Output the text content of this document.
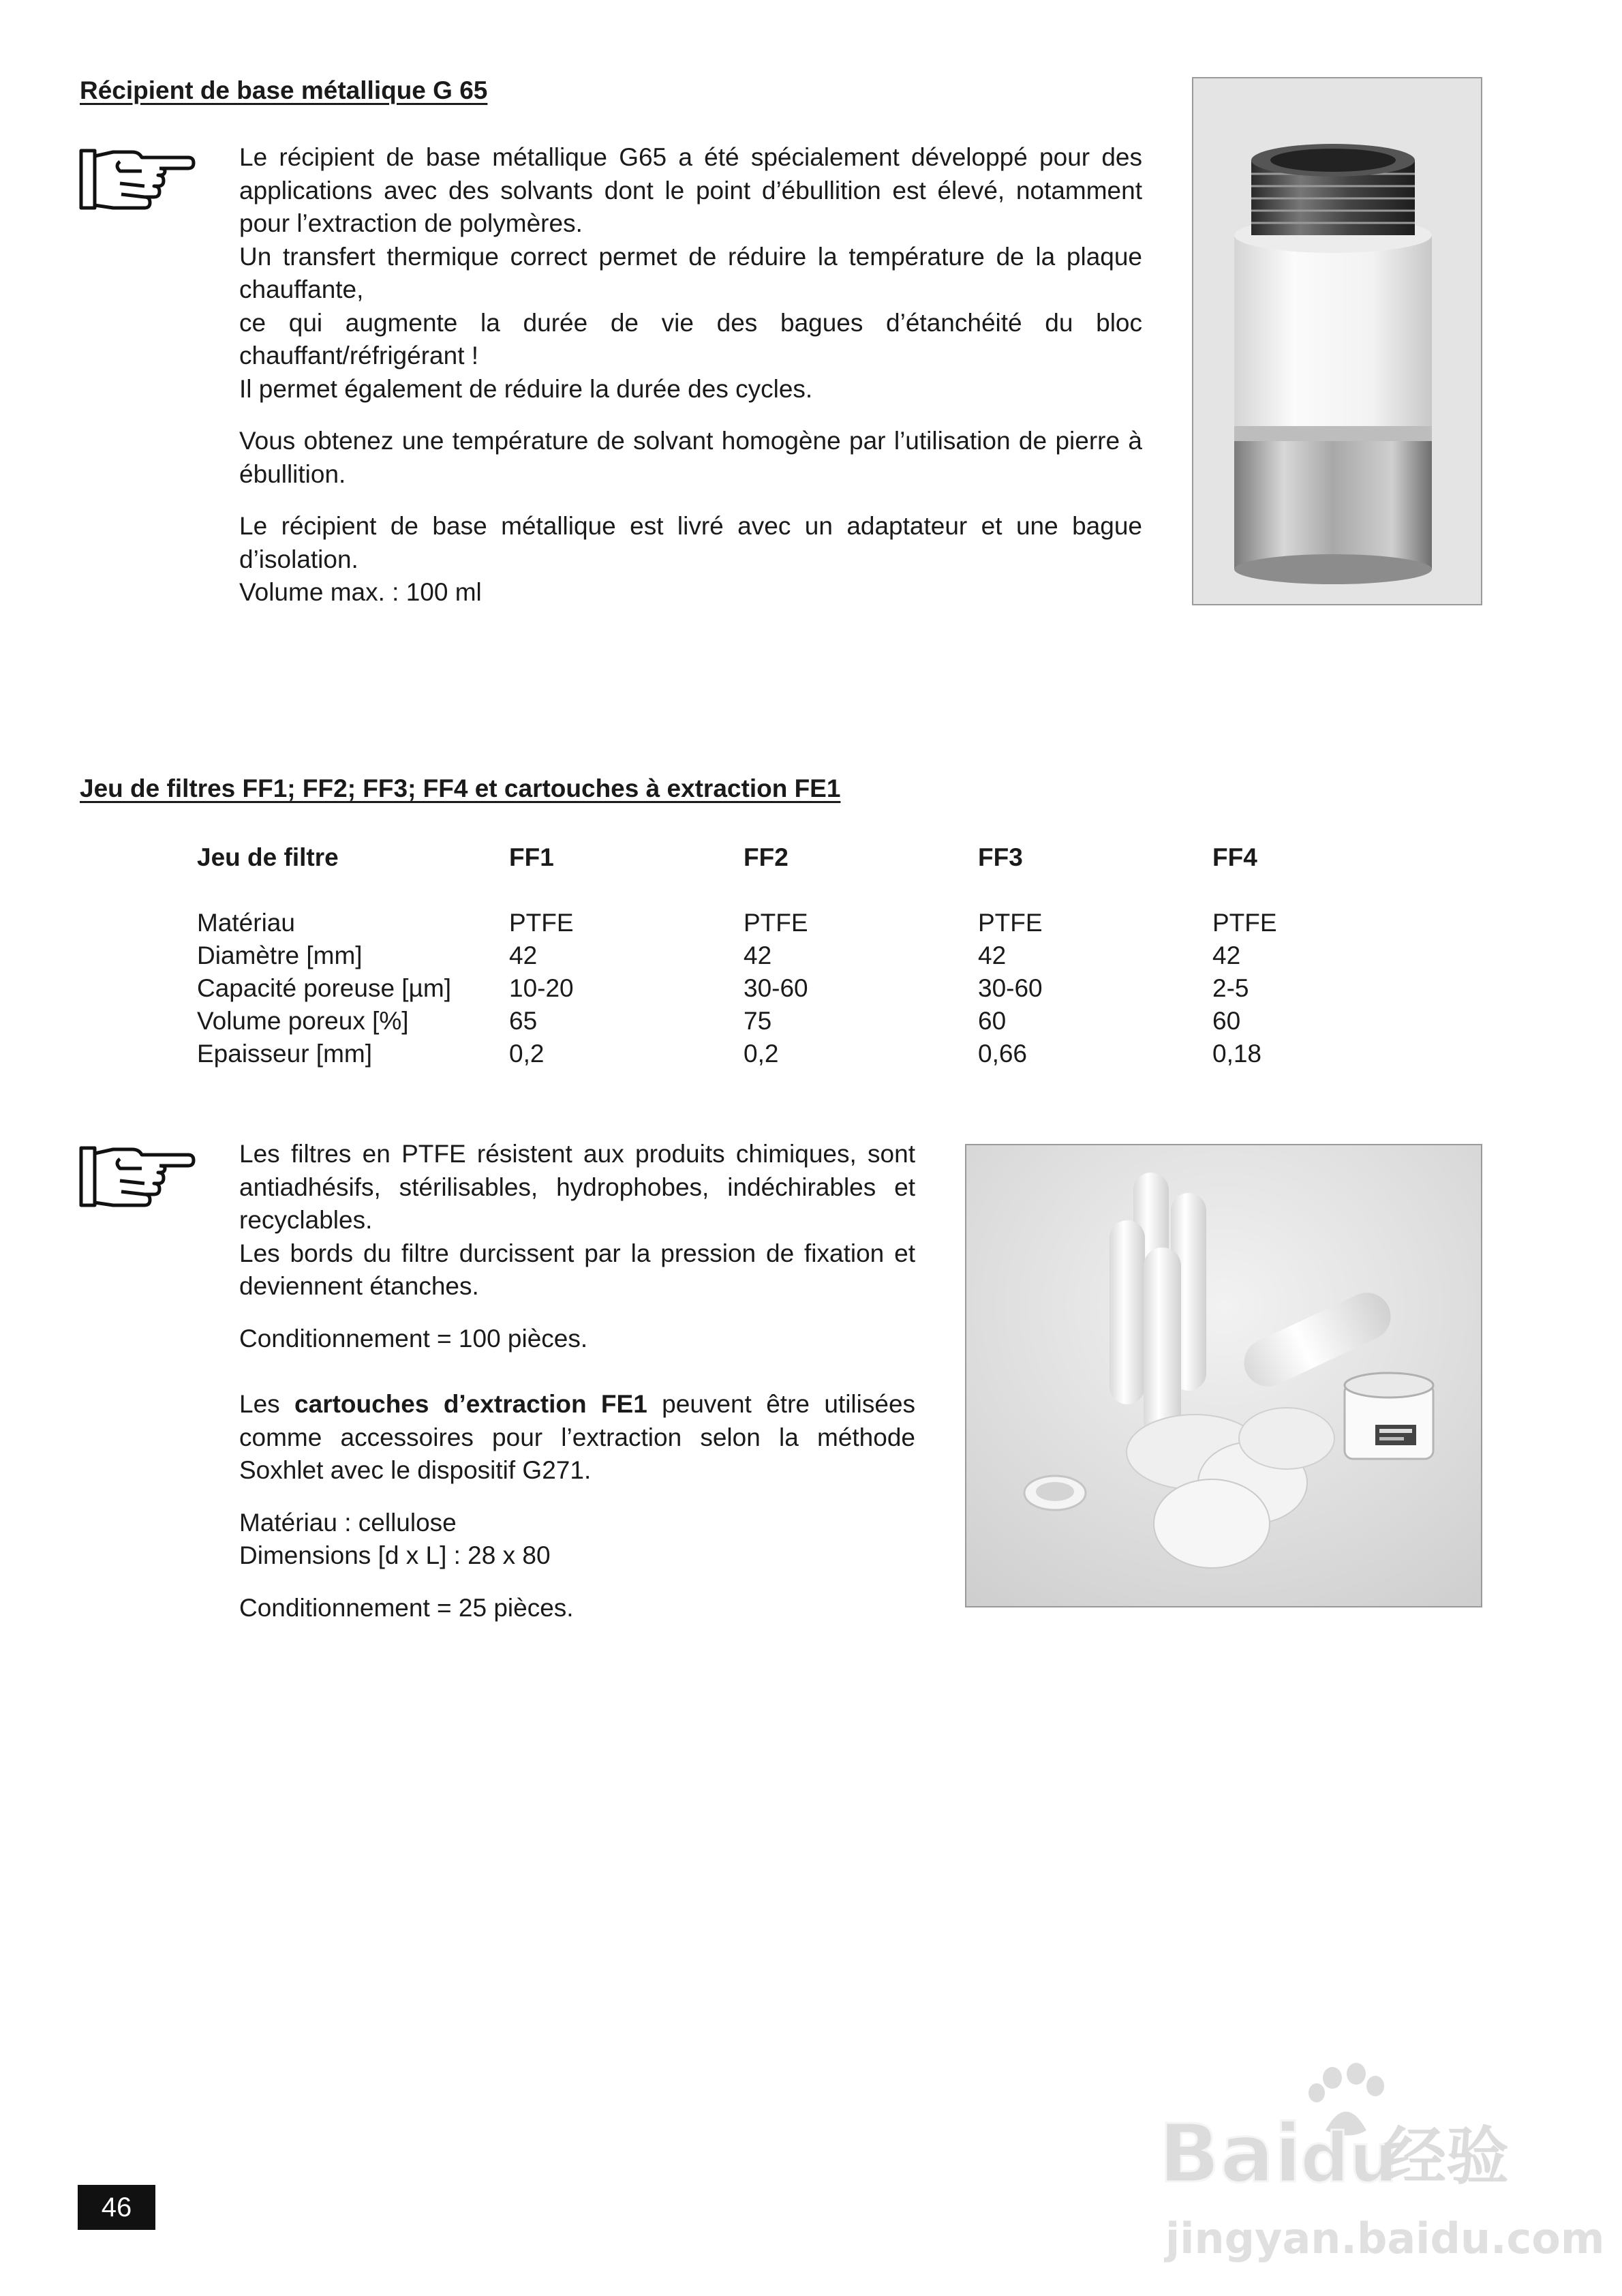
Récipient de base métallique G 65

Le récipient de base métallique G65 a été spécialement développé pour des applications avec des solvants dont le point d’ébullition est élevé, notamment pour l’extraction de polymères.

Un transfert thermique correct permet de réduire la température de la plaque chauffante,

ce qui augmente la durée de vie des bagues d’étanchéité du bloc chauffant/réfrigérant !

Il permet également de réduire la durée des cycles.

Vous obtenez une température de solvant homogène par l’utilisation de pierre à ébullition.

Le récipient de base métallique est livré avec un adaptateur et une bague d’isolation.

Volume max. : 100 ml

Jeu de filtres FF1; FF2; FF3; FF4 et cartouches à extraction FE1
Jeu de filtre	FF1	FF2	FF3	FF4

Matériau	PTFE	PTFE	PTFE	PTFE
Diamètre [mm]	42	42	42	42
Capacité poreuse [µm]	10-20	30-60	30-60	2-5
Volume poreux [%]	65	75	60	60
Epaisseur [mm]	0,2	0,2	0,66	0,18

Les filtres en PTFE résistent aux produits chimiques, sont antiadhésifs, stérilisables, hydrophobes, indéchirables et recyclables.

Les bords du filtre durcissent par la pression de fixation et deviennent étanches.

Conditionnement = 100 pièces.

Les cartouches d’extraction FE1 peuvent être utilisées comme accessoires pour l’extraction selon la méthode Soxhlet avec le dispositif G271.

Matériau : cellulose

Dimensions [d x L] : 28 x 80

Conditionnement = 25 pièces.

46
Bai
du
经验
jingyan.baidu.com
